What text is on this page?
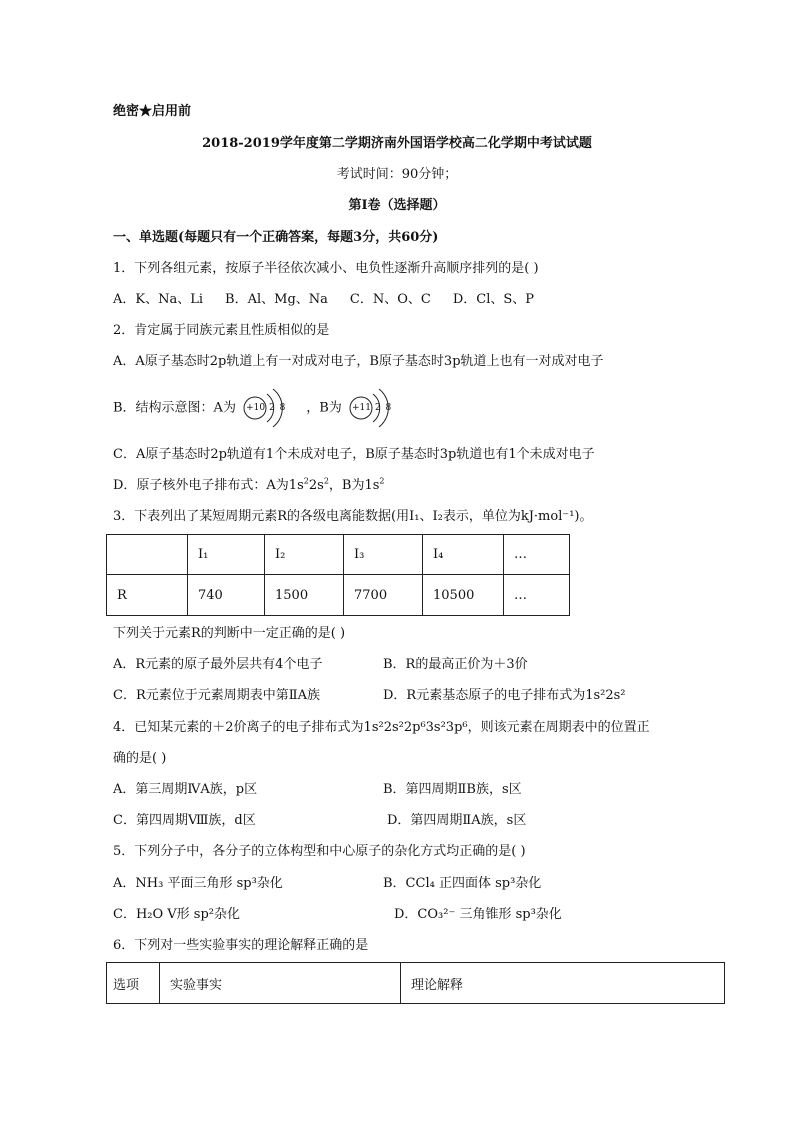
绝密★启用前
2018-2019学年度第二学期济南外国语学校高二化学期中考试试题
考试时间：90分钟；
第I卷（选择题）
一、单选题(每题只有一个正确答案，每题3分，共60分)
1．下列各组元素，按原子半径依次减小、电负性逐渐升高顺序排列的是( )
A．K、Na、Li B．Al、Mg、Na C．N、O、C D．Cl、S、P
2．肯定属于同族元素且性质相似的是
A．A原子基态时2p轨道上有一对成对电子，B原子基态时3p轨道上也有一对成对电子
B．结构示意图：A为 +10 2 8 ，B为 +11 2 8
C．A原子基态时2p轨道有1个未成对电子，B原子基态时3p轨道也有1个未成对电子
D．原子核外电子排布式：A为$1s^22s^2$，B为$1s^2$
3．下表列出了某短周期元素R的各级电离能数据(用I₁、I₂表示，单位为kJ·mol⁻¹)。
	I₁	I₂	I₃	I₄	…
R	740	1500	7700	10500	…
下列关于元素R的判断中一定正确的是( )
A．R元素的原子最外层共有4个电子	B．R的最高正价为＋3价
C．R元素位于元素周期表中第ⅡA族	D．R元素基态原子的电子排布式为1s²2s²
4．已知某元素的＋2价离子的电子排布式为1s²2s²2p⁶3s²3p⁶，则该元素在周期表中的位置正
确的是( )
A．第三周期ⅣA族，p区	B．第四周期ⅡB族，s区
C．第四周期Ⅷ族，d区	D．第四周期ⅡA族，s区
5．下列分子中，各分子的立体构型和中心原子的杂化方式均正确的是( )
A．NH₃ 平面三角形 sp³杂化	B．CCl₄ 正四面体 sp³杂化
C．H₂O V形 sp²杂化	D．CO₃²⁻ 三角锥形 sp³杂化
6．下列对一些实验事实的理论解释正确的是
选项	实验事实	理论解释
